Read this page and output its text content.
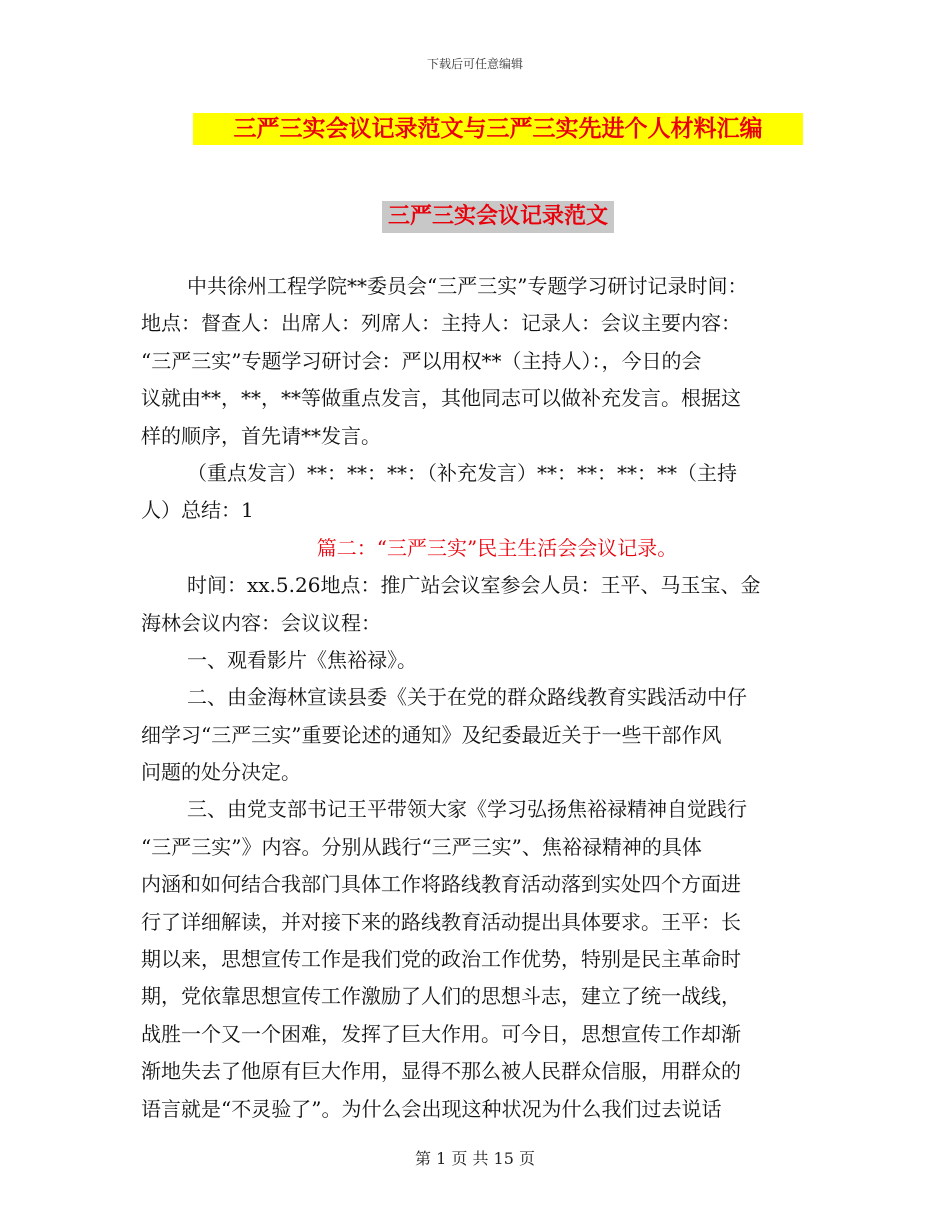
下载后可任意编辑
三严三实会议记录范文与三严三实先进个人材料汇编
三严三实会议记录范文
中共徐州工程学院**委员会“三严三实”专题学习研讨记录时间：
地点：督查人：出席人：列席人：主持人：记录人：会议主要内容：
“三严三实”专题学习研讨会：严以用权**（主持人）：，今日的会
议就由**，**，**等做重点发言，其他同志可以做补充发言。根据这
样的顺序，首先请**发言。
（重点发言）**：**：**：（补充发言）**：**：**：**（主持
人）总结：1
篇二：“三严三实”民主生活会会议记录。
时间：xx.5.26地点：推广站会议室参会人员：王平、马玉宝、金
海林会议内容：会议议程：
一、观看影片《焦裕禄》。
二、由金海林宣读县委《关于在党的群众路线教育实践活动中仔
细学习“三严三实”重要论述的通知》及纪委最近关于一些干部作风
问题的处分决定。
三、由党支部书记王平带领大家《学习弘扬焦裕禄精神自觉践行
“三严三实”》内容。分别从践行“三严三实”、焦裕禄精神的具体
内涵和如何结合我部门具体工作将路线教育活动落到实处四个方面进
行了详细解读，并对接下来的路线教育活动提出具体要求。王平：长
期以来，思想宣传工作是我们党的政治工作优势，特别是民主革命时
期，党依靠思想宣传工作激励了人们的思想斗志，建立了统一战线，
战胜一个又一个困难，发挥了巨大作用。可今日，思想宣传工作却渐
渐地失去了他原有巨大作用，显得不那么被人民群众信服，用群众的
语言就是“不灵验了”。为什么会出现这种状况为什么我们过去说话
第 1 页 共 15 页
